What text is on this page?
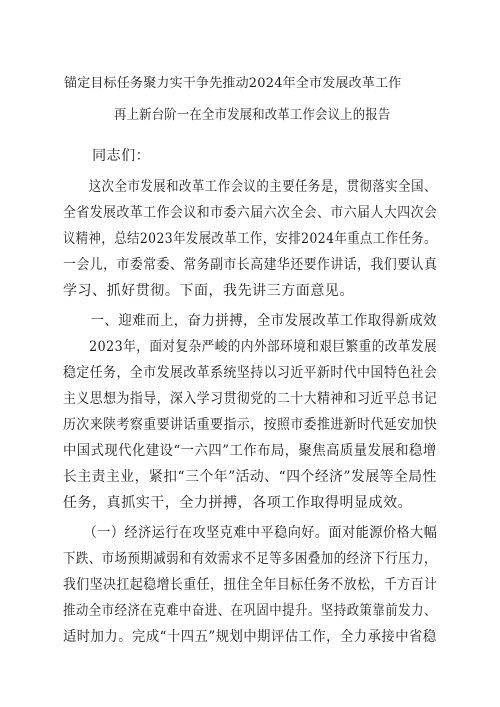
锚定目标任务聚力实干争先推动2024年全市发展改革工作
再上新台阶一在全市发展和改革工作会议上的报告
　　同志们：
　　这次全市发展和改革工作会议的主要任务是，贯彻落实全国、
全省发展改革工作会议和市委六届六次全会、市六届人大四次会
议精神，总结2023年发展改革工作，安排2024年重点工作任务。
一会儿，市委常委、常务副市长高建华还要作讲话，我们要认真
学习、抓好贯彻。下面，我先讲三方面意见。
　　一、迎难而上，奋力拼搏，全市发展改革工作取得新成效
　　2023年，面对复杂严峻的内外部环境和艰巨繁重的改革发展
稳定任务，全市发展改革系统坚持以习近平新时代中国特色社会
主义思想为指导，深入学习贯彻党的二十大精神和习近平总书记
历次来陕考察重要讲话重要指示，按照市委推进新时代延安加快
中国式现代化建设“一六四”工作布局，聚焦高质量发展和稳增
长主责主业，紧扣“三个年”活动、“四个经济”发展等全局性
任务，真抓实干，全力拼搏，各项工作取得明显成效。
　　（一）经济运行在攻坚克难中平稳向好。面对能源价格大幅
下跌、市场预期减弱和有效需求不足等多困叠加的经济下行压力，
我们坚决扛起稳增长重任，扭住全年目标任务不放松，千方百计
推动全市经济在克难中奋进、在巩固中提升。坚持政策靠前发力、
适时加力。完成“十四五”规划中期评估工作，全力承接中省稳
